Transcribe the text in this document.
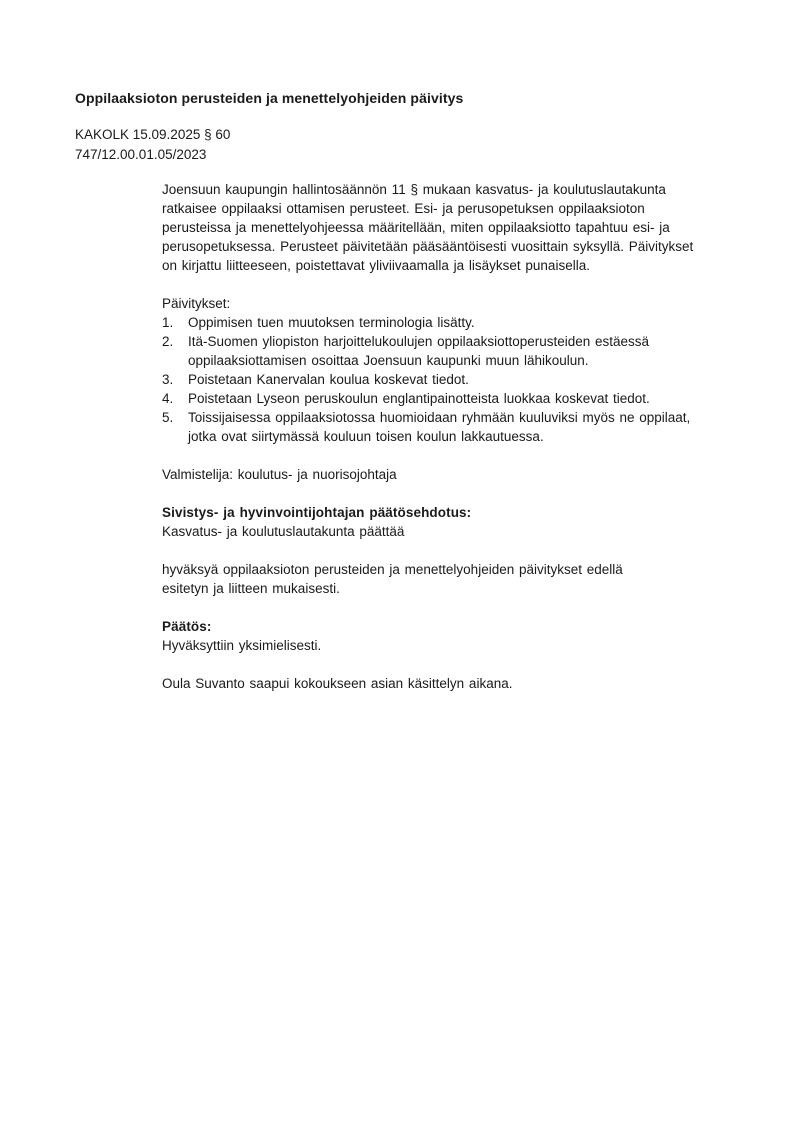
Oppilaaksioton perusteiden ja menettelyohjeiden päivitys
KAKOLK 15.09.2025 § 60
747/12.00.01.05/2023
Joensuun kaupungin hallintosäännön 11 § mukaan kasvatus- ja koulutuslautakunta
ratkaisee oppilaaksi ottamisen perusteet. Esi- ja perusopetuksen oppilaaksioton
perusteissa ja menettelyohjeessa määritellään, miten oppilaaksiotto tapahtuu esi- ja
perusopetuksessa. Perusteet päivitetään pääsääntöisesti vuosittain syksyllä. Päivitykset
on kirjattu liitteeseen, poistettavat yliviivaamalla ja lisäykset punaisella.
Päivitykset:
1.	Oppimisen tuen muutoksen terminologia lisätty.
2.	Itä-Suomen yliopiston harjoittelukoulujen oppilaaksiottoperusteiden estäessä
oppilaaksiottamisen osoittaa Joensuun kaupunki muun lähikoulun.
3.	Poistetaan Kanervalan koulua koskevat tiedot.
4.	Poistetaan Lyseon peruskoulun englantipainotteista luokkaa koskevat tiedot.
5.	Toissijaisessa oppilaaksiotossa huomioidaan ryhmään kuuluviksi myös ne oppilaat,
jotka ovat siirtymässä kouluun toisen koulun lakkautuessa.
Valmistelija: koulutus- ja nuorisojohtaja
Sivistys- ja hyvinvointijohtajan päätösehdotus:
Kasvatus- ja koulutuslautakunta päättää
hyväksyä oppilaaksioton perusteiden ja menettelyohjeiden päivitykset edellä
esitetyn ja liitteen mukaisesti.
Päätös:
Hyväksyttiin yksimielisesti.
Oula Suvanto saapui kokoukseen asian käsittelyn aikana.
